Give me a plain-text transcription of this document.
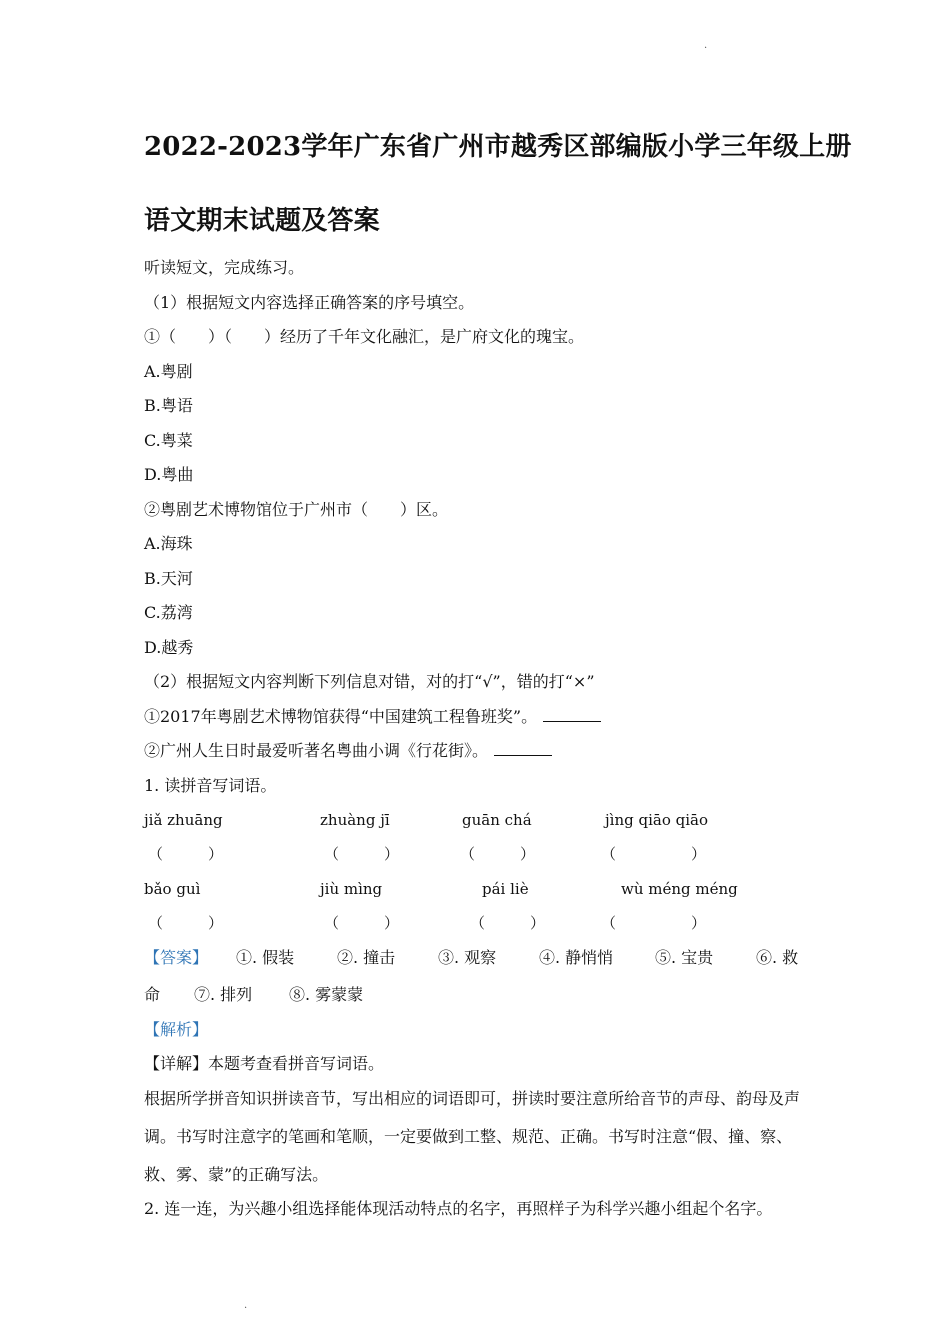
.
2022-2023学年广东省广州市越秀区部编版小学三年级上册
语文期末试题及答案
听读短文，完成练习。
（1）根据短文内容选择正确答案的序号填空。
①（　　）（　　）经历了千年文化融汇，是广府文化的瑰宝。
A.粤剧
B.粤语
C.粤菜
D.粤曲
②粤剧艺术博物馆位于广州市（　　）区。
A.海珠
B.天河
C.荔湾
D.越秀
（2）根据短文内容判断下列信息对错，对的打“√”，错的打“×”
①2017年粤剧艺术博物馆获得“中国建筑工程鲁班奖”。
②广州人生日时最爱听著名粤曲小调《行花街》。
1. 读拼音写词语。
jiǎ zhuāng	zhuàng jī	guān chá	jìng qiāo qiāo
（　　　）	（　　　）	（　　　）	（　　　　　）
bǎo guì	jiù mìng	pái liè	wù méng méng
（　　　）	（　　　）	（　　　）	（　　　　　）
【答案】 ①. 假装	②. 撞击	③. 观察	④. 静悄悄	⑤. 宝贵	⑥. 救
命 ⑦. 排列 ⑧. 雾蒙蒙
【解析】
【详解】本题考查看拼音写词语。
根据所学拼音知识拼读音节，写出相应的词语即可，拼读时要注意所给音节的声母、韵母及声调。书写时注意字的笔画和笔顺，一定要做到工整、规范、正确。书写时注意“假、撞、察、救、雾、蒙”的正确写法。
2. 连一连，为兴趣小组选择能体现活动特点的名字，再照样子为科学兴趣小组起个名字。
.
